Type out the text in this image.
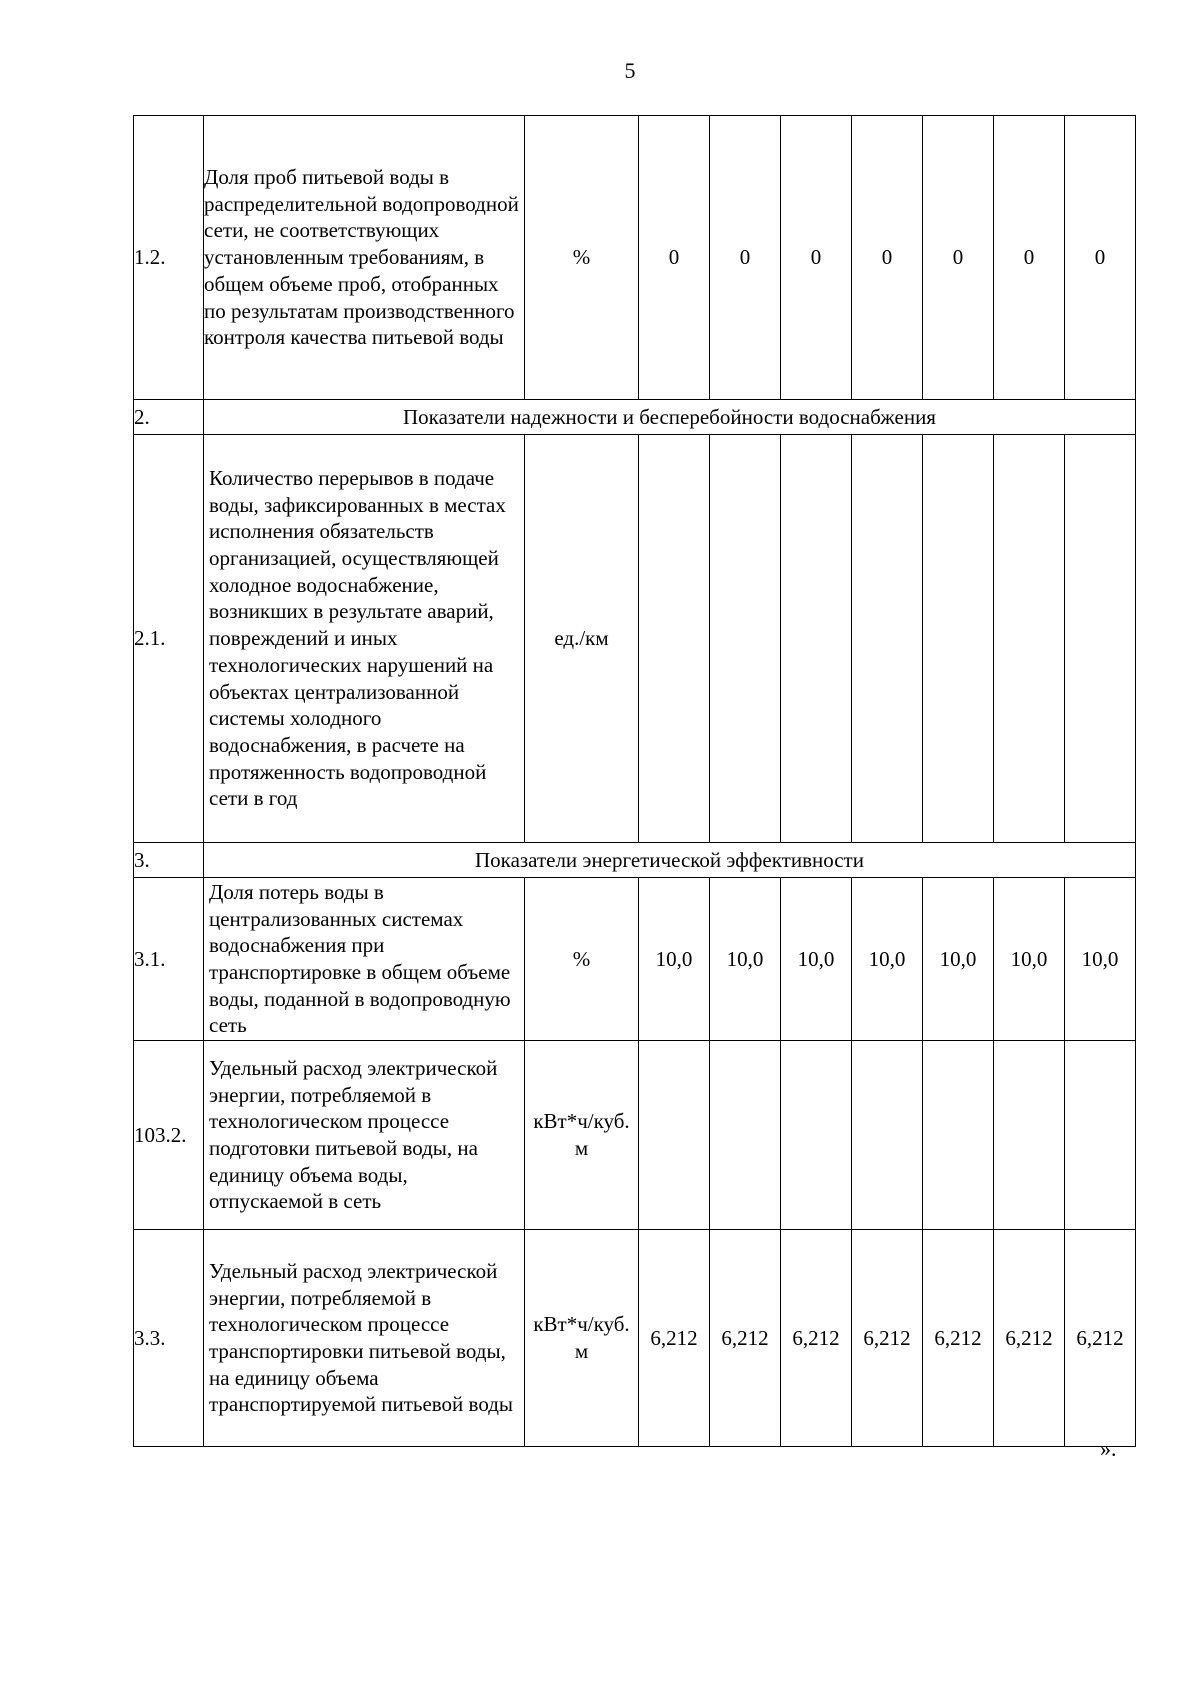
5
1.2.	Доля проб питьевой воды в распределительной водопроводной сети, не соответствующих установленным требованиям, в общем объеме проб, отобранных по результатам производственного контроля качества питьевой воды	%	0	0	0	0	0	0	0
2.	Показатели надежности и бесперебойности водоснабжения								
2.1.	Количество перерывов в подаче воды, зафиксированных в местах исполнения обязательств организацией, осуществляющей холодное водоснабжение, возникших в результате аварий, повреждений и иных технологических нарушений на объектах централизованной системы холодного водоснабжения, в расчете на протяженность водопроводной сети в год	ед./км							
3.	Показатели энергетической эффективности								
3.1.	Доля потерь воды в централизованных системах водоснабжения при транспортировке в общем объеме воды, поданной в водопроводную сеть	%	10,0	10,0	10,0	10,0	10,0	10,0	10,0
103.2.	Удельный расход электрической энергии, потребляемой в технологическом процессе подготовки питьевой воды, на единицу объема воды, отпускаемой в сеть	кВт*ч/куб. м							
3.3.	Удельный расход электрической энергии, потребляемой в технологическом процессе транспортировки питьевой воды, на единицу объема транспортируемой питьевой воды	кВт*ч/куб. м	6,212	6,212	6,212	6,212	6,212	6,212	6,212
».
